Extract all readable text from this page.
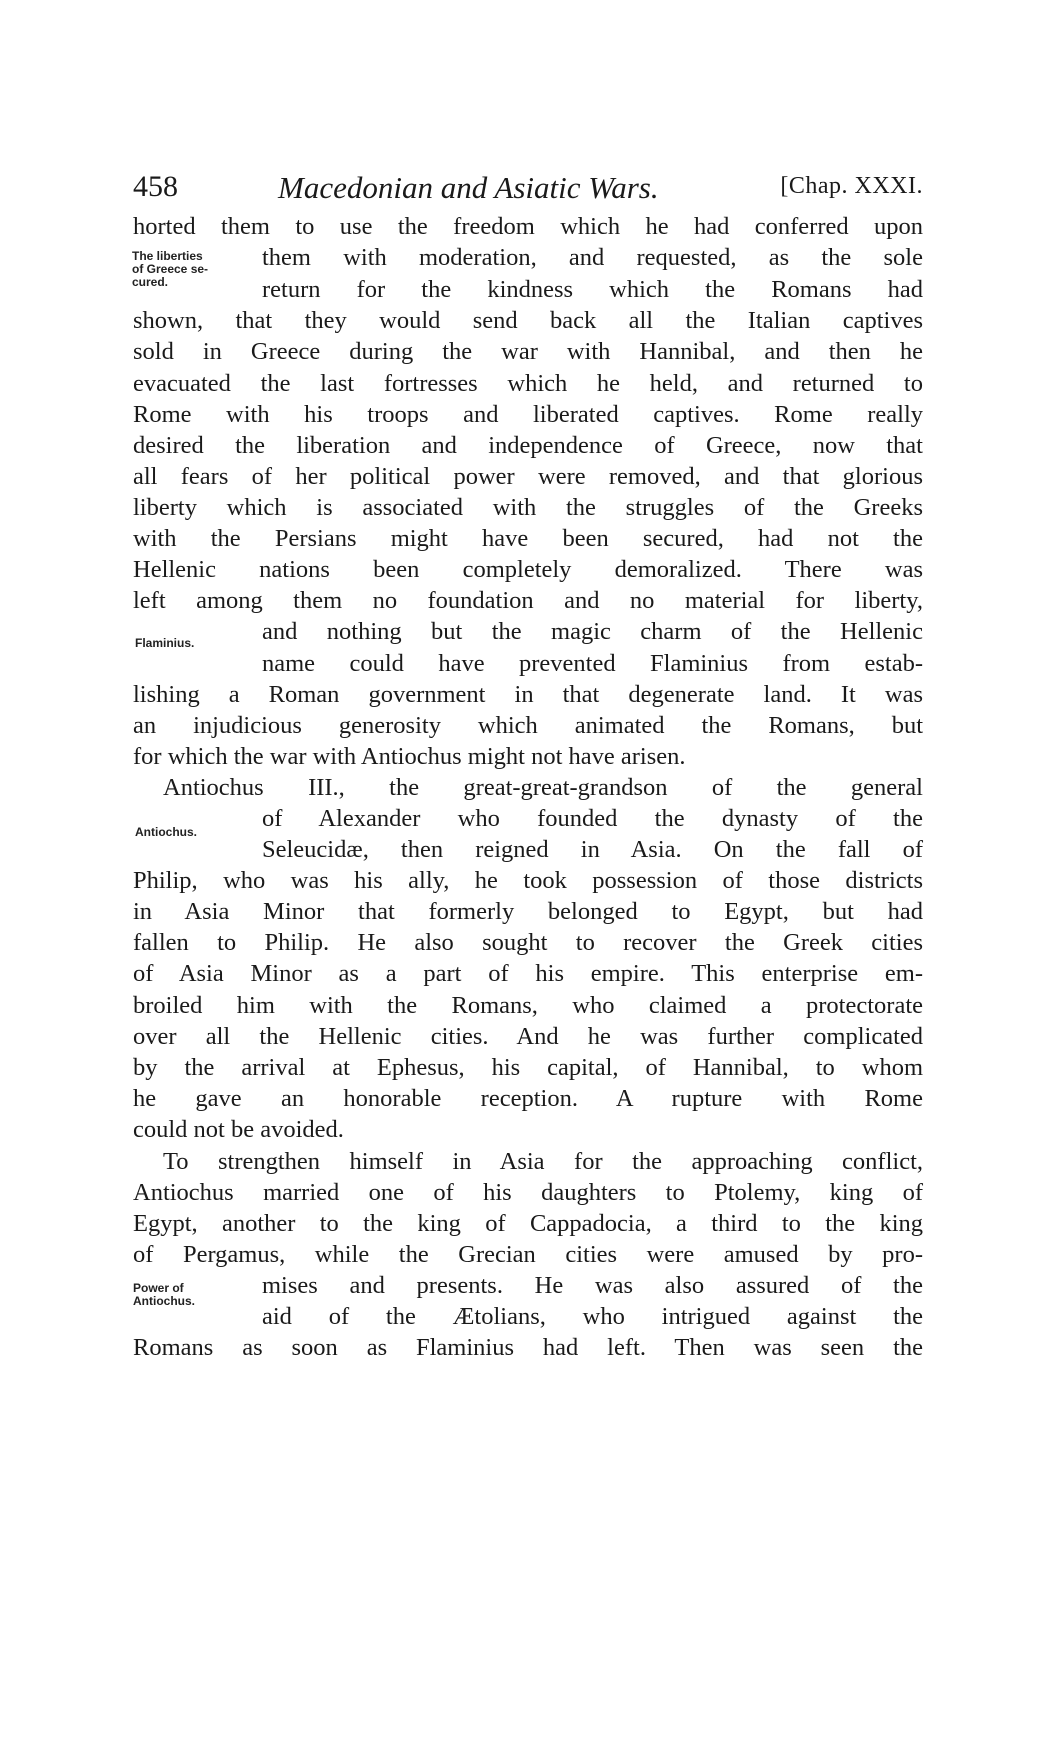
458	Macedonian and Asiatic Wars.	[Chap. XXXI.
horted them to use the freedom which he had conferred upon
them with moderation, and requested, as the sole
return for the kindness which the Romans had
shown, that they would send back all the Italian captives
sold in Greece during the war with Hannibal, and then he
evacuated the last fortresses which he held, and returned to
Rome with his troops and liberated captives. Rome really
desired the liberation and independence of Greece, now that
all fears of her political power were removed, and that glorious
liberty which is associated with the struggles of the Greeks
with the Persians might have been secured, had not the
Hellenic nations been completely demoralized. There was
left among them no foundation and no material for liberty,
and nothing but the magic charm of the Hellenic
name could have prevented Flaminius from estab-
lishing a Roman government in that degenerate land. It was
an injudicious generosity which animated the Romans, but
for which the war with Antiochus might not have arisen.
Antiochus III., the great-great-grandson of the general
of Alexander who founded the dynasty of the
Seleucidæ, then reigned in Asia. On the fall of
Philip, who was his ally, he took possession of those districts
in Asia Minor that formerly belonged to Egypt, but had
fallen to Philip. He also sought to recover the Greek cities
of Asia Minor as a part of his empire. This enterprise em-
broiled him with the Romans, who claimed a protectorate
over all the Hellenic cities. And he was further complicated
by the arrival at Ephesus, his capital, of Hannibal, to whom
he gave an honorable reception. A rupture with Rome
could not be avoided.
To strengthen himself in Asia for the approaching conflict,
Antiochus married one of his daughters to Ptolemy, king of
Egypt, another to the king of Cappadocia, a third to the king
of Pergamus, while the Grecian cities were amused by pro-
mises and presents. He was also assured of the
aid of the Ætolians, who intrigued against the
Romans as soon as Flaminius had left. Then was seen the
The liberties
of Greece se-
cured.
Flaminius.
Antiochus.
Power of
Antiochus.
